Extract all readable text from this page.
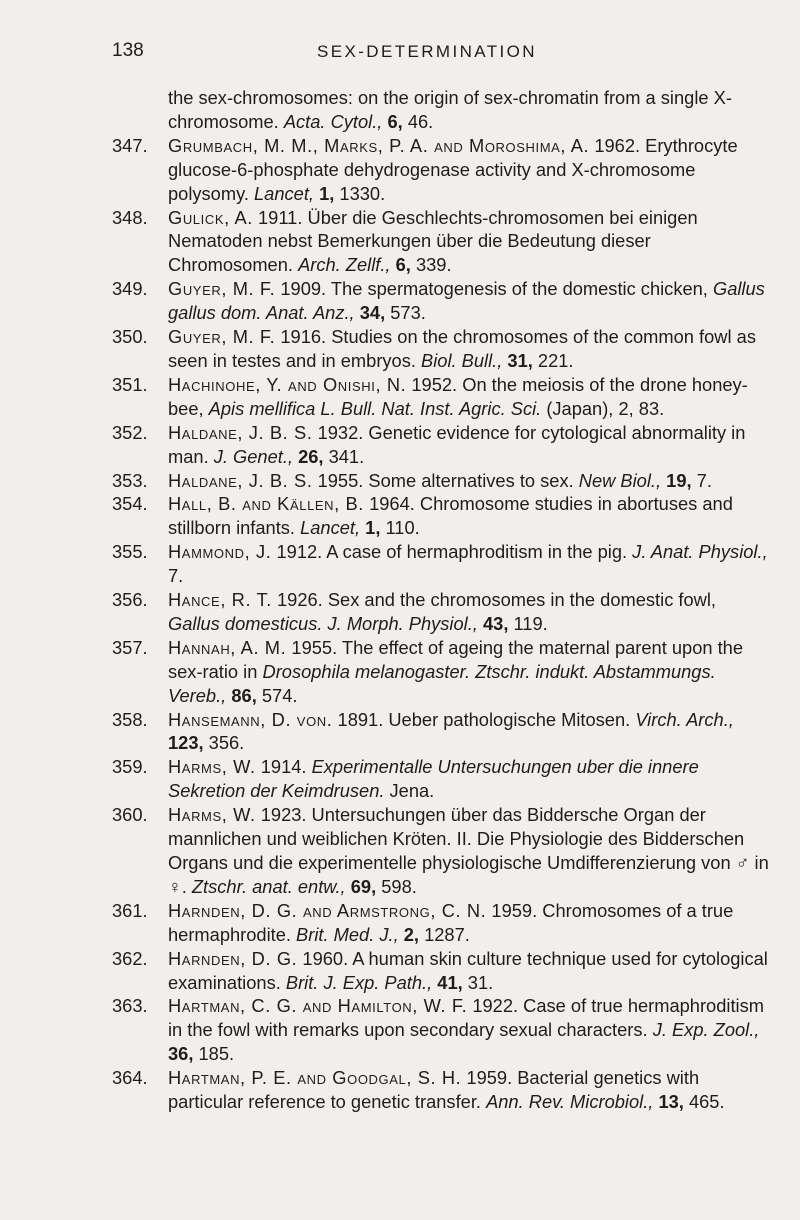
138	SEX-DETERMINATION
the sex-chromosomes: on the origin of sex-chromatin from a single X-chromosome. Acta. Cytol., 6, 46.
347. Grumbach, M. M., Marks, P. A. and Moroshima, A. 1962. Erythrocyte glucose-6-phosphate dehydrogenase activity and X-chromosome polysomy. Lancet, 1, 1330.
348. Gulick, A. 1911. Über die Geschlechts-chromosomen bei einigen Nematoden nebst Bemerkungen über die Bedeutung dieser Chromosomen. Arch. Zellf., 6, 339.
349. Guyer, M. F. 1909. The spermatogenesis of the domestic chicken, Gallus gallus dom. Anat. Anz., 34, 573.
350. Guyer, M. F. 1916. Studies on the chromosomes of the common fowl as seen in testes and in embryos. Biol. Bull., 31, 221.
351. Hachinohe, Y. and Onishi, N. 1952. On the meiosis of the drone honey-bee, Apis mellifica L. Bull. Nat. Inst. Agric. Sci. (Japan), 2, 83.
352. Haldane, J. B. S. 1932. Genetic evidence for cytological abnormality in man. J. Genet., 26, 341.
353. Haldane, J. B. S. 1955. Some alternatives to sex. New Biol., 19, 7.
354. Hall, B. and Källen, B. 1964. Chromosome studies in abortuses and stillborn infants. Lancet, 1, 110.
355. Hammond, J. 1912. A case of hermaphroditism in the pig. J. Anat. Physiol., 7.
356. Hance, R. T. 1926. Sex and the chromosomes in the domestic fowl, Gallus domesticus. J. Morph. Physiol., 43, 119.
357. Hannah, A. M. 1955. The effect of ageing the maternal parent upon the sex-ratio in Drosophila melanogaster. Ztschr. indukt. Abstammungs. Vereb., 86, 574.
358. Hansemann, D. von. 1891. Ueber pathologische Mitosen. Virch. Arch., 123, 356.
359. Harms, W. 1914. Experimentalle Untersuchungen uber die innere Sekretion der Keimdrusen. Jena.
360. Harms, W. 1923. Untersuchungen über das Biddersche Organ der mannlichen und weiblichen Kröten. II. Die Physiologie des Bidderschen Organs und die experimentelle physiologische Umdifferenzierung von ♂ in ♀. Ztschr. anat. entw., 69, 598.
361. Harnden, D. G. and Armstrong, C. N. 1959. Chromosomes of a true hermaphrodite. Brit. Med. J., 2, 1287.
362. Harnden, D. G. 1960. A human skin culture technique used for cytological examinations. Brit. J. Exp. Path., 41, 31.
363. Hartman, C. G. and Hamilton, W. F. 1922. Case of true hermaphroditism in the fowl with remarks upon secondary sexual characters. J. Exp. Zool., 36, 185.
364. Hartman, P. E. and Goodgal, S. H. 1959. Bacterial genetics with particular reference to genetic transfer. Ann. Rev. Microbiol., 13, 465.
